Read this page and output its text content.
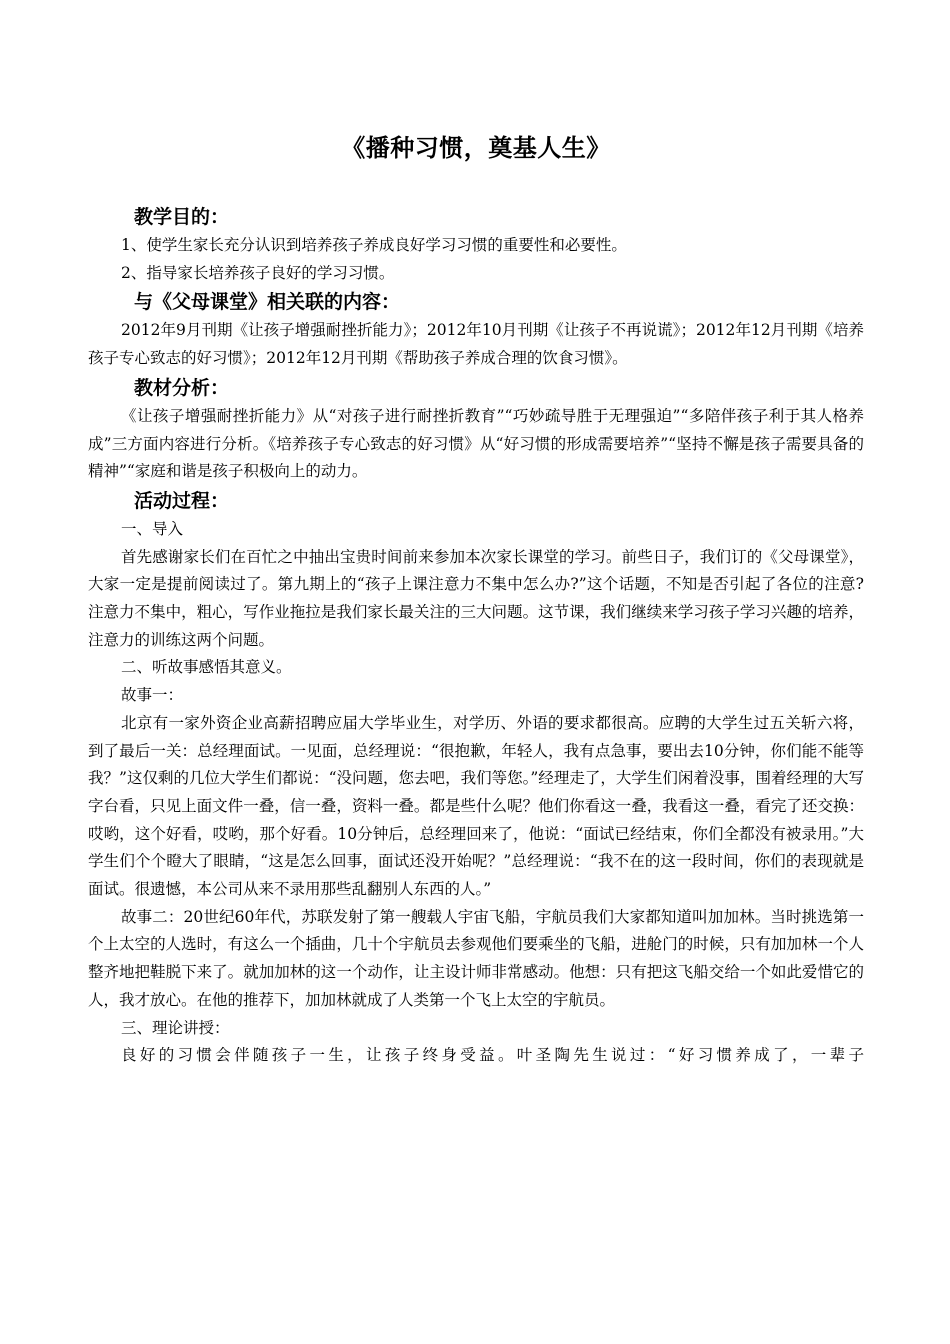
《播种习惯，奠基人生》

教学目的：

1、使学生家长充分认识到培养孩子养成良好学习习惯的重要性和必要性。

2、指导家长培养孩子良好的学习习惯。

与《父母课堂》相关联的内容：

2012年9月刊期《让孩子增强耐挫折能力》；2012年10月刊期《让孩子不再说谎》；2012年12月刊期《培养孩子专心致志的好习惯》；2012年12月刊期《帮助孩子养成合理的饮食习惯》。

教材分析：

《让孩子增强耐挫折能力》从“对孩子进行耐挫折教育”“巧妙疏导胜于无理强迫”“多陪伴孩子利于其人格养成”三方面内容进行分析。《培养孩子专心致志的好习惯》从“好习惯的形成需要培养”“坚持不懈是孩子需要具备的精神”“家庭和谐是孩子积极向上的动力。

活动过程：

一、导入

首先感谢家长们在百忙之中抽出宝贵时间前来参加本次家长课堂的学习。前些日子，我们订的《父母课堂》，大家一定是提前阅读过了。第九期上的“孩子上课注意力不集中怎么办?”这个话题，不知是否引起了各位的注意?注意力不集中，粗心，写作业拖拉是我们家长最关注的三大问题。这节课，我们继续来学习孩子学习兴趣的培养，注意力的训练这两个问题。

二、听故事感悟其意义。

故事一：

北京有一家外资企业高薪招聘应届大学毕业生，对学历、外语的要求都很高。应聘的大学生过五关斩六将，到了最后一关：总经理面试。一见面，总经理说：“很抱歉，年轻人，我有点急事，要出去10分钟，你们能不能等我？”这仅剩的几位大学生们都说：“没问题，您去吧，我们等您。”经理走了，大学生们闲着没事，围着经理的大写字台看，只见上面文件一叠，信一叠，资料一叠。都是些什么呢？他们你看这一叠，我看这一叠，看完了还交换：哎哟，这个好看，哎哟，那个好看。10分钟后，总经理回来了，他说：“面试已经结束，你们全都没有被录用。”大学生们个个瞪大了眼睛，“这是怎么回事，面试还没开始呢？”总经理说：“我不在的这一段时间，你们的表现就是面试。很遗憾，本公司从来不录用那些乱翻别人东西的人。”

故事二：20世纪60年代，苏联发射了第一艘载人宇宙飞船，宇航员我们大家都知道叫加加林。当时挑选第一个上太空的人选时，有这么一个插曲，几十个宇航员去参观他们要乘坐的飞船，进舱门的时候，只有加加林一个人整齐地把鞋脱下来了。就加加林的这一个动作，让主设计师非常感动。他想：只有把这飞船交给一个如此爱惜它的人，我才放心。在他的推荐下，加加林就成了人类第一个飞上太空的宇航员。

三、理论讲授：

良好的习惯会伴随孩子一生，让孩子终身受益。叶圣陶先生说过：“好习惯养成了，一辈子
